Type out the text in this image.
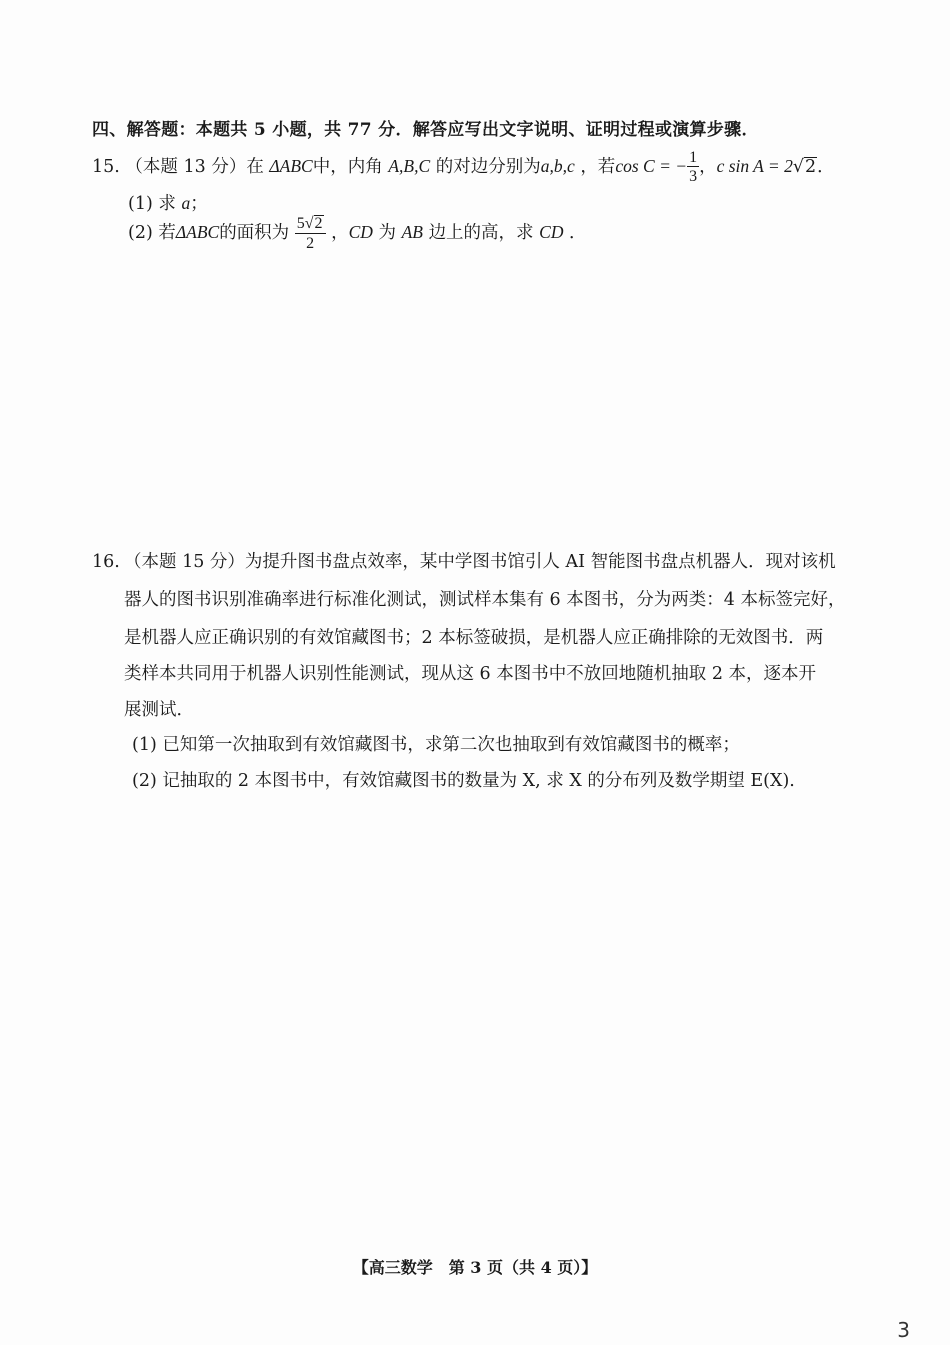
四、解答题：本题共 5 小题，共 77 分．解答应写出文字说明、证明过程或演算步骤．
15. （本题 13 分）在 ΔABC中，内角 A,B,C 的对边分别为a,b,c ，若cos C = − $\frac{1}{3}$ ，c sin A = 2√2．
(1) 求 a；
(2) 若ΔABC的面积为 $\frac{5√2}{2}$ ，CD 为 AB 边上的高，求 CD ．
16. （本题 15 分）为提升图书盘点效率，某中学图书馆引人 AI 智能图书盘点机器人．现对该机
器人的图书识别准确率进行标准化测试，测试样本集有 6 本图书，分为两类：4 本标签完好，
是机器人应正确识别的有效馆藏图书；2 本标签破损，是机器人应正确排除的无效图书．两
类样本共同用于机器人识别性能测试，现从这 6 本图书中不放回地随机抽取 2 本，逐本开
展测试．
(1) 已知第一次抽取到有效馆藏图书，求第二次也抽取到有效馆藏图书的概率；
(2) 记抽取的 2 本图书中，有效馆藏图书的数量为 X, 求 X 的分布列及数学期望 E(X).
【高三数学　第 3 页（共 4 页）】
3
